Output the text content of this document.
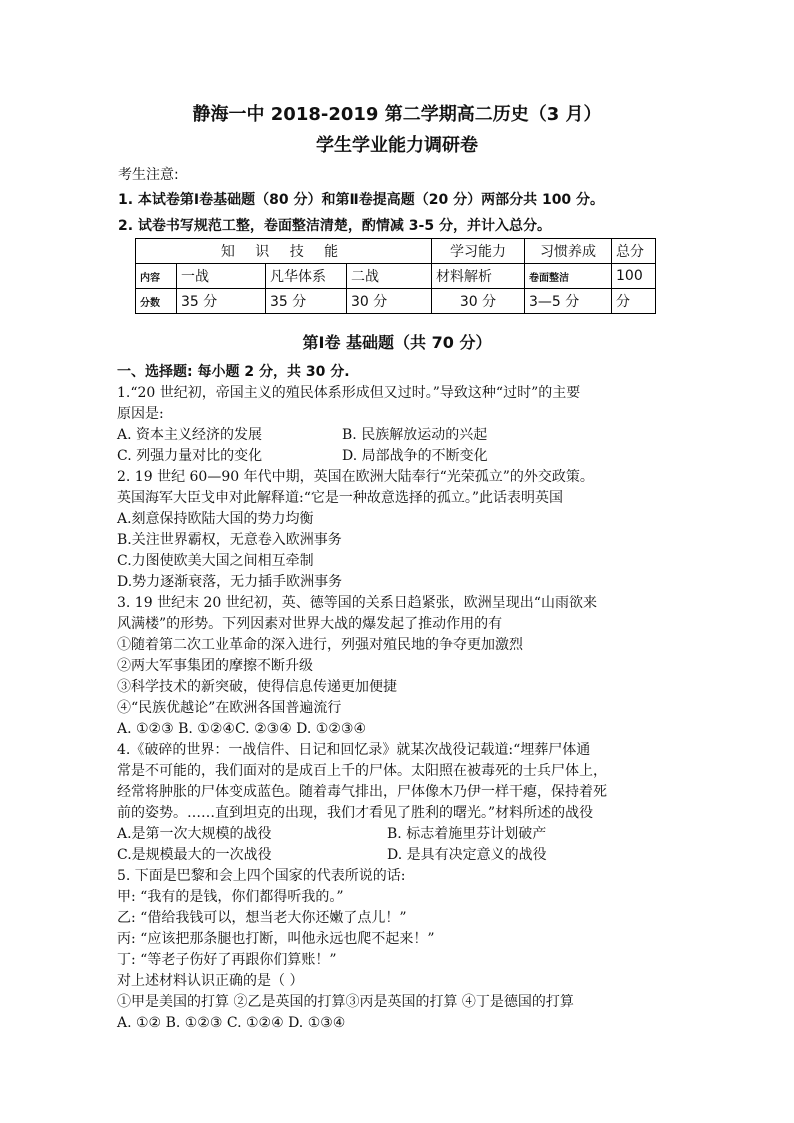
静海一中 2018-2019 第二学期高二历史（3 月）
学生学业能力调研卷
考生注意:
1. 本试卷第Ⅰ卷基础题（80 分）和第Ⅱ卷提高题（20 分）两部分共 100 分。
2. 试卷书写规范工整，卷面整洁清楚，酌情减 3-5 分，并计入总分。
知 识 技 能				学习能力	习惯养成	总分
内容	一战	凡华体系	二战	材料解析	卷面整洁	100
分数	35 分	35 分	30 分	30 分	3—5 分	分
第Ⅰ卷 基础题（共 70 分）
一、选择题: 每小题 2 分，共 30 分.
1.“20 世纪初，帝国主义的殖民体系形成但又过时。”导致这种“过时”的主要
原因是:
A. 资本主义经济的发展	B. 民族解放运动的兴起
C. 列强力量对比的变化	D. 局部战争的不断变化
2. 19 世纪 60—90 年代中期，英国在欧洲大陆奉行“光荣孤立”的外交政策。
英国海军大臣戈申对此解释道:“它是一种故意选择的孤立。”此话表明英国
A.刻意保持欧陆大国的势力均衡
B.关注世界霸权，无意卷入欧洲事务
C.力图使欧美大国之间相互牵制
D.势力逐渐衰落，无力插手欧洲事务
3. 19 世纪末 20 世纪初，英、德等国的关系日趋紧张，欧洲呈现出“山雨欲来
风满楼”的形势。下列因素对世界大战的爆发起了推动作用的有
①随着第二次工业革命的深入进行，列强对殖民地的争夺更加激烈
②两大军事集团的摩擦不断升级
③科学技术的新突破，使得信息传递更加便捷
④“民族优越论”在欧洲各国普遍流行
A. ①②③ B. ①②④C. ②③④ D. ①②③④
4.《破碎的世界：一战信件、日记和回忆录》就某次战役记载道:“埋葬尸体通
常是不可能的，我们面对的是成百上千的尸体。太阳照在被毒死的士兵尸体上，
经常将肿胀的尸体变成蓝色。随着毒气排出，尸体像木乃伊一样干瘪，保持着死
前的姿势。……直到坦克的出现，我们才看见了胜利的曙光。”材料所述的战役
A.是第一次大规模的战役	B. 标志着施里芬计划破产
C.是规模最大的一次战役	D. 是具有决定意义的战役
5. 下面是巴黎和会上四个国家的代表所说的话:
甲: “我有的是钱，你们都得听我的。”
乙: “借给我钱可以，想当老大你还嫩了点儿！”
丙: “应该把那条腿也打断，叫他永远也爬不起来！”
丁: “等老子伤好了再跟你们算账！”
对上述材料认识正确的是（ ）
①甲是美国的打算 ②乙是英国的打算③丙是英国的打算 ④丁是德国的打算
A. ①② B. ①②③ C. ①②④ D. ①③④
